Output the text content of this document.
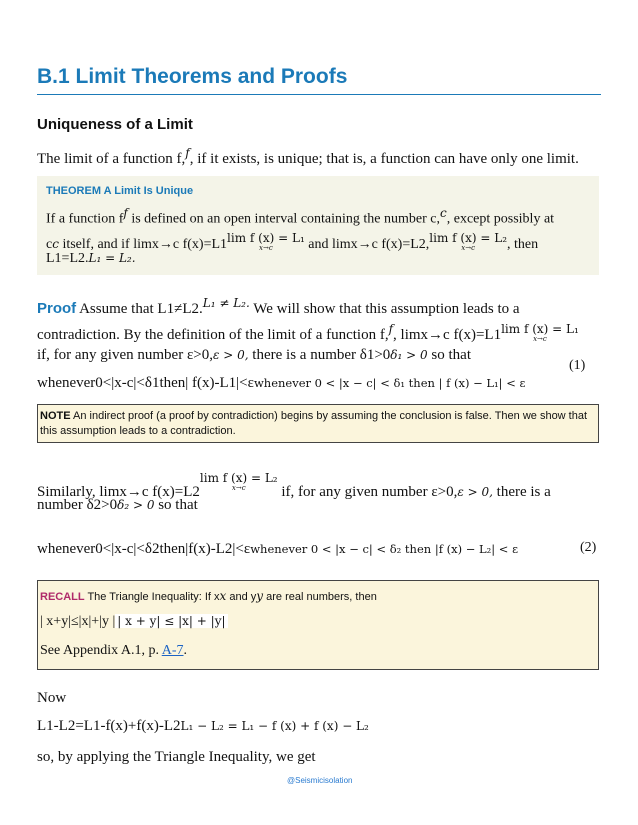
B.1 Limit Theorems and Proofs
Uniqueness of a Limit
The limit of a function f,$^f$, if it exists, is unique; that is, a function can have only one limit.
THEOREM A Limit Is Unique
If a function $f^f$ is defined on an open interval containing the number c,$^c$, except possibly at
cc itself, and if limx→c f(x)=L1lim f (x) = L₁
x→c	and limx→c f(x)=L2,lim f (x) = L₂
x→c	, then
L1=L2.L₁ = L₂.
Proof Assume that L1≠L2.$^{L_1 \ne L_2.}$ We will show that this assumption leads to a
contradiction. By the definition of the limit of a function f,$^f$, limx→c f(x)=L1lim f (x) = L₁
x→c
if, for any given number ε>0,ε > 0, there is a number δ1>0δ₁ > 0 so that
whenever0<|x-c|<δ1then| f(x)-L1|<εwhenever 0 < |x − c| < δ₁ then | f (x) − L₁| < ε
(1)
NOTE An indirect proof (a proof by contradiction) begins by assuming the conclusion is false. Then we show that this assumption leads to a contradiction.
Similarly, limx→c f(x)=L2lim f (x) = L₂
x→c	if, for any given number ε>0,ε > 0, there is a
number δ2>0δ₂ > 0 so that
whenever0<|x-c|<δ2then|f(x)-L2|<εwhenever 0 < |x − c| < δ₂ then |f (x) − L₂| < ε	(2)
RECALL The Triangle Inequality: If xx and yy are real numbers, then
| x+y|≤|x|+|y | | x + y| ≤ |x| + |y|
See Appendix A.1, p. A-7.
Now
L1-L2=L1-f(x)+f(x)-L2L₁ − L₂ = L₁ − f (x) + f (x) − L₂
so, by applying the Triangle Inequality, we get
@Seismicisolation
